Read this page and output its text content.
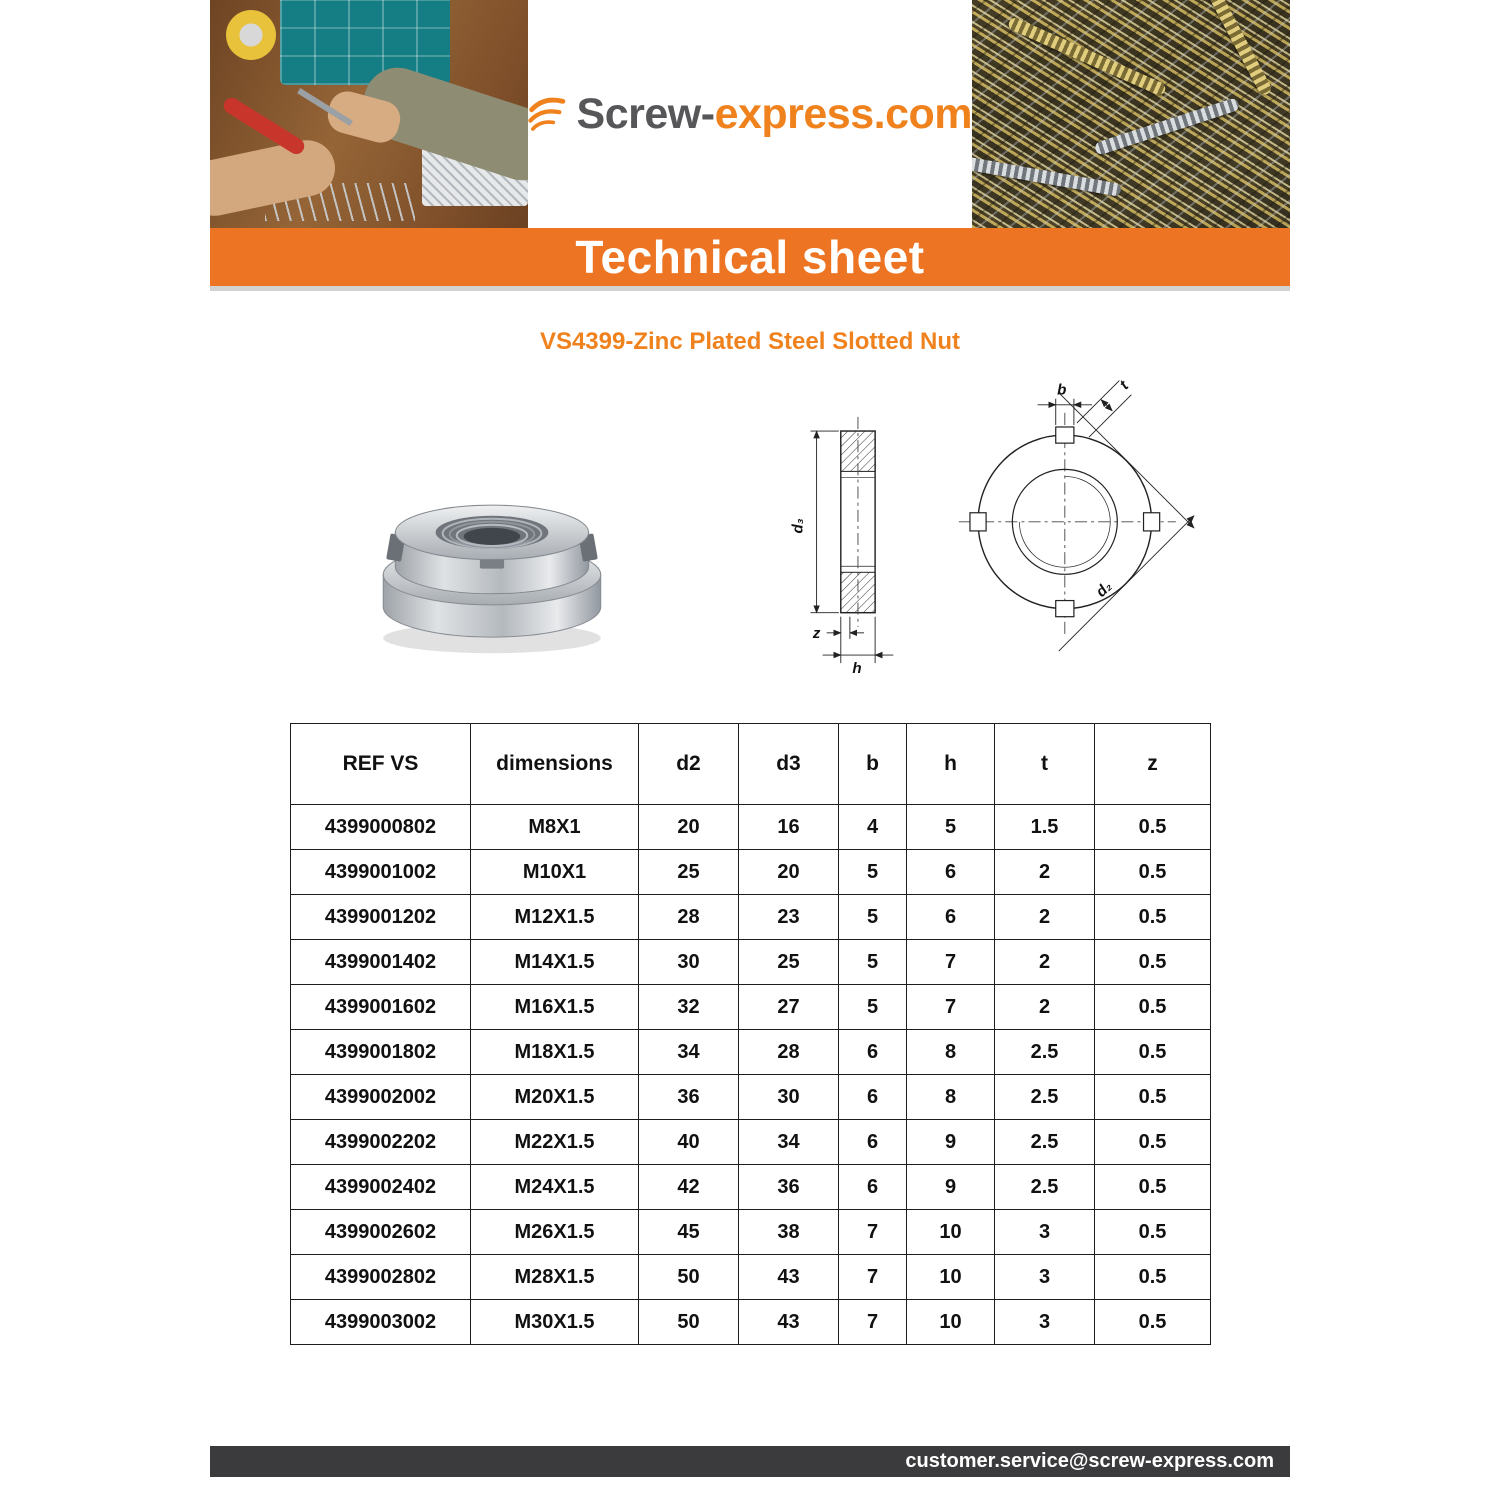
Screw-express.com
Technical sheet
VS4399-Zinc Plated Steel Slotted Nut
d₃
z
h
b	t
d₂
REF VS	dimensions	d2	d3	b	h	t	z
4399000802	M8X1	20	16	4	5	1.5	0.5
4399001002	M10X1	25	20	5	6	2	0.5
4399001202	M12X1.5	28	23	5	6	2	0.5
4399001402	M14X1.5	30	25	5	7	2	0.5
4399001602	M16X1.5	32	27	5	7	2	0.5
4399001802	M18X1.5	34	28	6	8	2.5	0.5
4399002002	M20X1.5	36	30	6	8	2.5	0.5
4399002202	M22X1.5	40	34	6	9	2.5	0.5
4399002402	M24X1.5	42	36	6	9	2.5	0.5
4399002602	M26X1.5	45	38	7	10	3	0.5
4399002802	M28X1.5	50	43	7	10	3	0.5
4399003002	M30X1.5	50	43	7	10	3	0.5
customer.service@screw-express.com
